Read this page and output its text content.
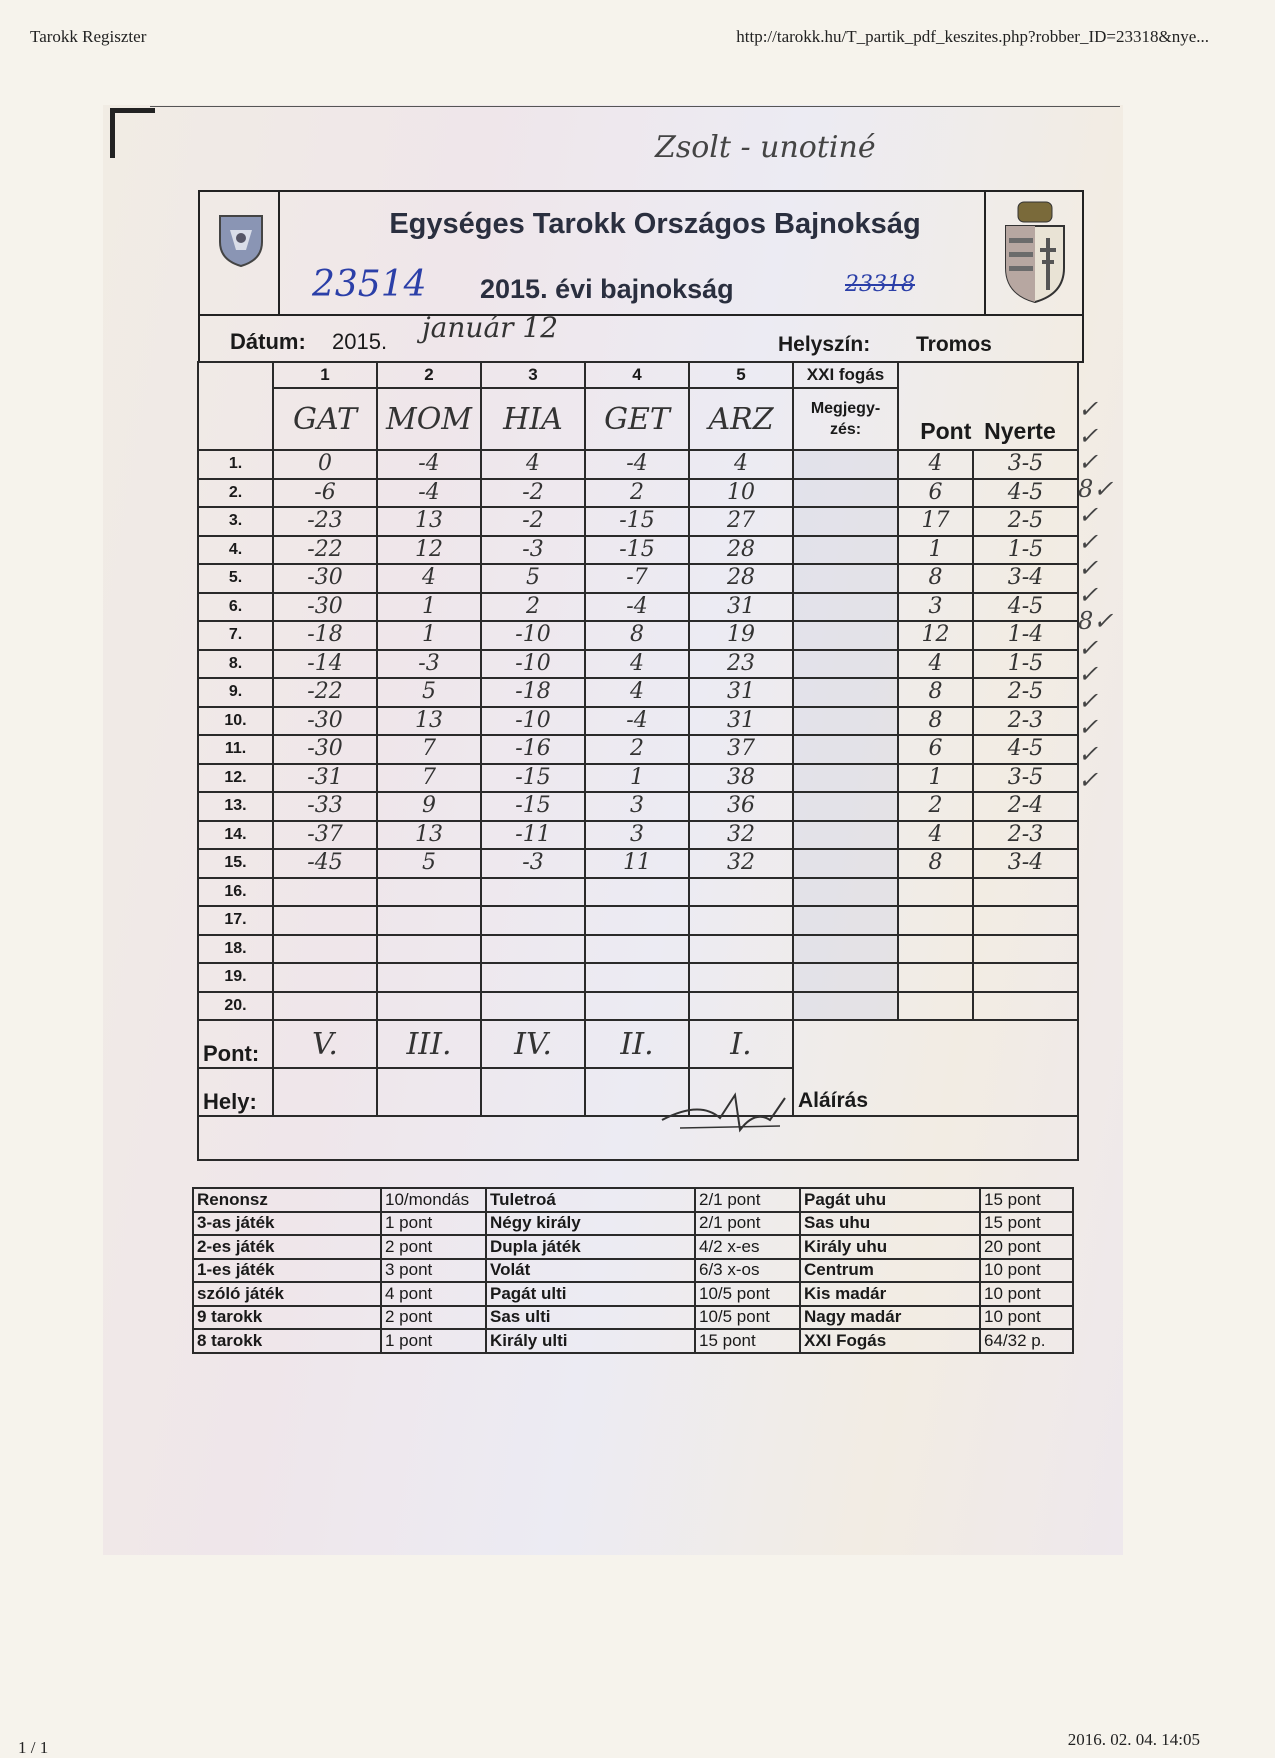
Tarokk Regiszter	http://tarokk.hu/T_partik_pdf_keszites.php?robber_ID=23318&nye...
Egységes Tarokk Országos Bajnokság
23514 2015. évi bajnokság	23318
Zsolt - unotiné
Dátum: 2015. január 12
Helyszín: Tromos
	1	2	3	4	5	XXI fogás	Pont Nyerte	
	GAT	MOM	HIA	GET	ARZ	Megjegy- zés:		
1.	0	-4	4	-4	4		4	3-5
2.	-6	-4	-2	2	10		6	4-5
3.	-23	13	-2	-15	27		17	2-5
4.	-22	12	-3	-15	28		1	1-5
5.	-30	4	5	-7	28		8	3-4
6.	-30	1	2	-4	31		3	4-5
7.	-18	1	-10	8	19		12	1-4
8.	-14	-3	-10	4	23		4	1-5
9.	-22	5	-18	4	31		8	2-5
10.	-30	13	-10	-4	31		8	2-3
11.	-30	7	-16	2	37		6	4-5
12.	-31	7	-15	1	38		1	3-5
13.	-33	9	-15	3	36		2	2-4
14.	-37	13	-11	3	32		4	2-3
15.	-45	5	-3	11	32		8	3-4
16.								
17.								
18.								
19.								
20.								
Pont:	V.	III.	IV.	II.	I.	Aláírás		
Hely:								

✓
✓
✓
8✓
✓
✓
✓
✓
8✓
✓
✓
✓
✓
✓
✓
Renonsz	10/mondás	Tuletroá	2/1 pont	Pagát uhu	15 pont
3-as játék	1 pont	Négy király	2/1 pont	Sas uhu	15 pont
2-es játék	2 pont	Dupla játék	4/2 x-es	Király uhu	20 pont
1-es játék	3 pont	Volát	6/3 x-os	Centrum	10 pont
szóló játék	4 pont	Pagát ulti	10/5 pont	Kis madár	10 pont
9 tarokk	2 pont	Sas ulti	10/5 pont	Nagy madár	10 pont
8 tarokk	1 pont	Király ulti	15 pont	XXI Fogás	64/32 p.
1 / 1	2016. 02. 04. 14:05
